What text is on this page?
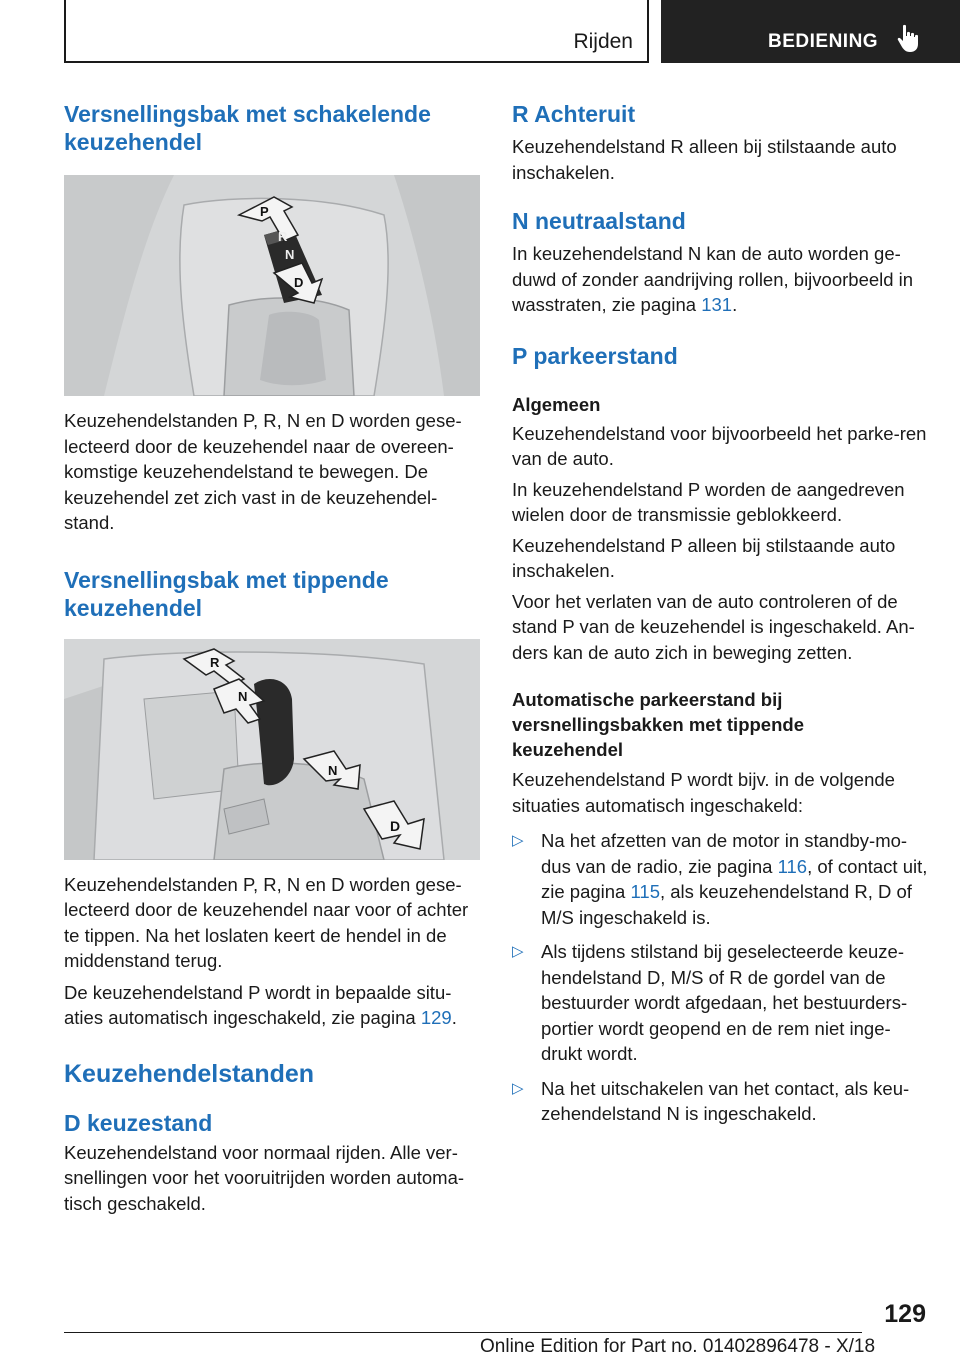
Rijden	BEDIENING
Versnellingsbak met schakelende keuzehendel
P
R
N
D

Keuzehendelstanden P, R, N en D worden gese-lecteerd door de keuzehendel naar de overeen-komstige keuzehendelstand te bewegen. De keuzehendel zet zich vast in de keuzehendel-stand.

Versnellingsbak met tippende keuzehendel
R
N
N
D

Keuzehendelstanden P, R, N en D worden gese-lecteerd door de keuzehendel naar voor of achter te tippen. Na het loslaten keert de hendel in de middenstand terug.

De keuzehendelstand P wordt in bepaalde situ-aties automatisch ingeschakeld, zie pagina 129.

Keuzehendelstanden
D keuzestand

Keuzehendelstand voor normaal rijden. Alle ver-snellingen voor het vooruitrijden worden automa-tisch geschakeld.

R Achteruit

Keuzehendelstand R alleen bij stilstaande auto inschakelen.

N neutraalstand

In keuzehendelstand N kan de auto worden ge-duwd of zonder aandrijving rollen, bijvoorbeeld in wasstraten, zie pagina 131.

P parkeerstand
Algemeen

Keuzehendelstand voor bijvoorbeeld het parke-ren van de auto.

In keuzehendelstand P worden de aangedreven wielen door de transmissie geblokkeerd.

Keuzehendelstand P alleen bij stilstaande auto inschakelen.

Voor het verlaten van de auto controleren of de stand P van de keuzehendel is ingeschakeld. An-ders kan de auto zich in beweging zetten.

Automatische parkeerstand bij versnellingsbakken met tippende keuzehendel

Keuzehendelstand P wordt bijv. in de volgende situaties automatisch ingeschakeld:

▷ Na het afzetten van de motor in standby-mo-dus van de radio, zie pagina 116, of contact uit, zie pagina 115, als keuzehendelstand R, D of M/S ingeschakeld is.
▷ Als tijdens stilstand bij geselecteerde keuze-hendelstand D, M/S of R de gordel van de bestuurder wordt afgedaan, het bestuurders-portier wordt geopend en de rem niet inge-drukt wordt.
▷ Na het uitschakelen van het contact, als keu-zehendelstand N is ingeschakeld.
129
Online Edition for Part no. 01402896478 - X/18
